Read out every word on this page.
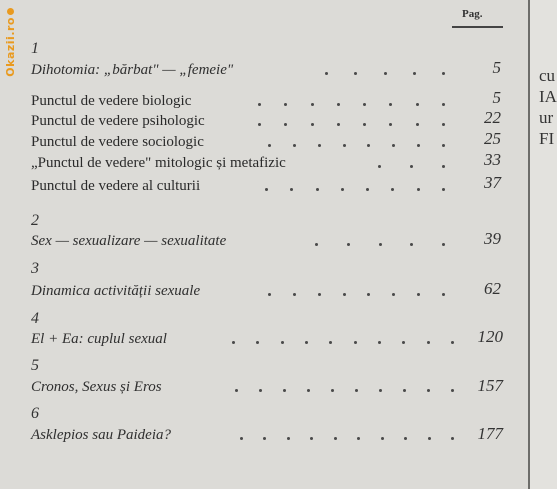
Okazii.ro
Pag.
1
Dihotomia: „bărbat" — „femeie"	5
Punctul de vedere biologic	5
Punctul de vedere psihologic	22
Punctul de vedere sociologic	25
„Punctul de vedere" mitologic și metafizic	33
Punctul de vedere al culturii	37
2
Sex — sexualizare — sexualitate	39
3
Dinamica activității sexuale	62
4
El + Ea: cuplul sexual	120
5
Cronos, Sexus și Eros	157
6
Asklepios sau Paideia?	177
cu
IA
ur
FI
